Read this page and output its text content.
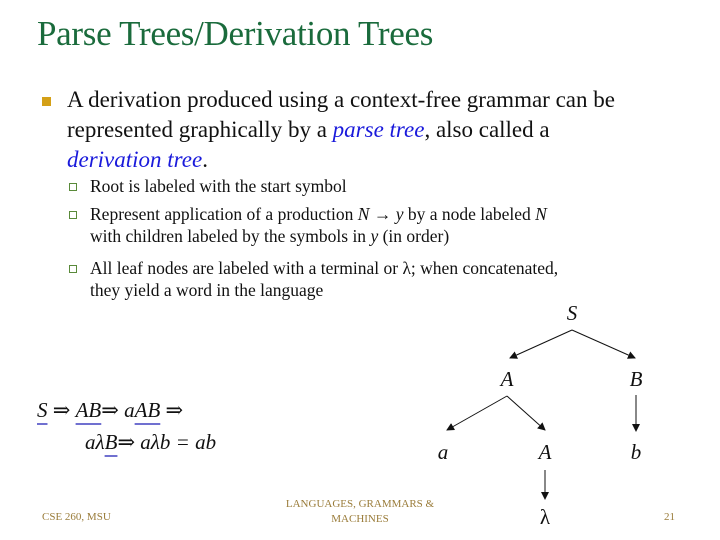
Parse Trees/Derivation Trees
A derivation produced using a context-free grammar can be represented graphically by a parse tree, also called a
derivation tree.
Root is labeled with the start symbol
Represent application of a production N → y by a node labeled N
with children labeled by the symbols in y (in order)
All leaf nodes are labeled with a terminal or λ; when concatenated, they yield a word in the language
S ⇒ AB⇒ aAB ⇒
aλB⇒ aλb = ab
S
A	B
a	A	b
λ
CSE 260, MSU
LANGUAGES, GRAMMARS &
MACHINES	21
